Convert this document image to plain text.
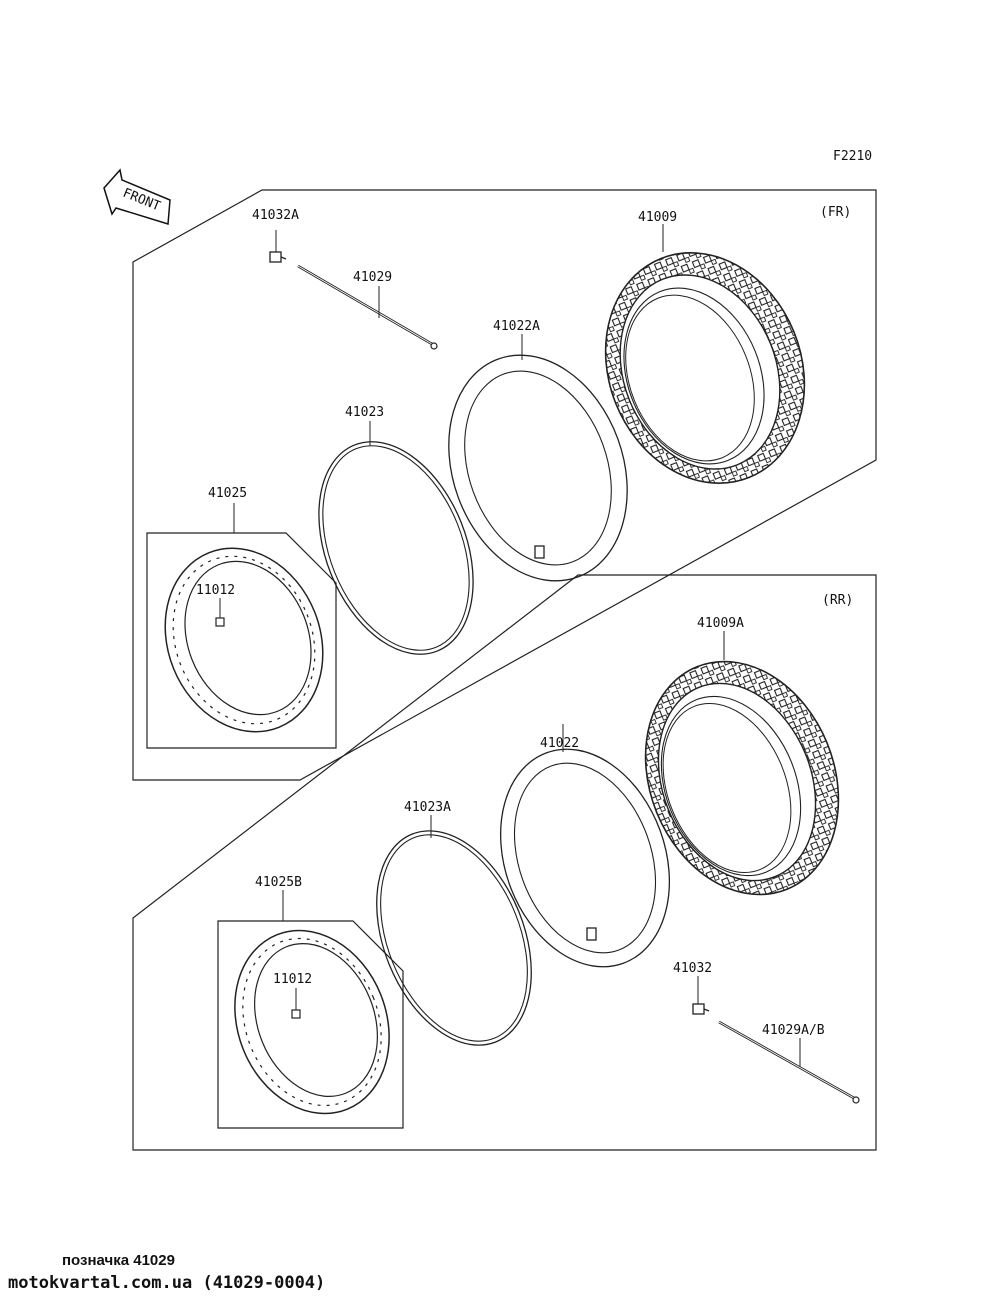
F2210
FRONT	(FR)
(RR)
41032A
41029
41009
41022A
41023
41025
11012
41009A
41022
41023A
41025B
11012
41032
41029A/B
позначка 41029
motokvartal.com.ua (41029-0004)
